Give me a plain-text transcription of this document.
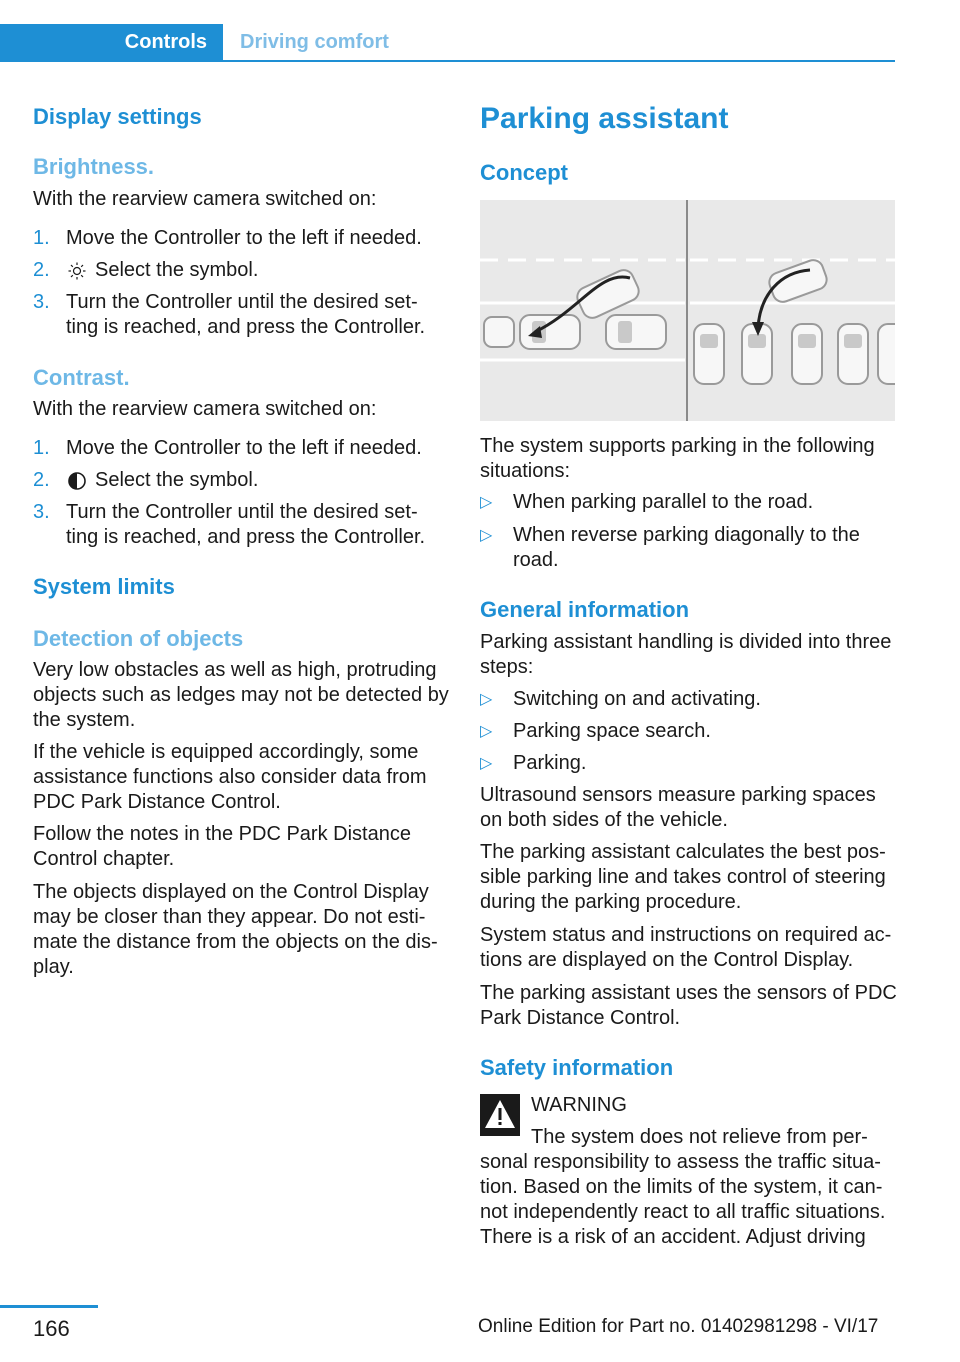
Controls	Driving comfort
Display settings
Brightness.
With the rearview camera switched on:
1. Move the Controller to the left if needed.
2. Select the symbol.
3. Turn the Controller until the desired set‐
ting is reached, and press the Controller.
Contrast.
With the rearview camera switched on:
1. Move the Controller to the left if needed.
2. Select the symbol.
3. Turn the Controller until the desired set‐
ting is reached, and press the Controller.
System limits
Detection of objects
Very low obstacles as well as high, protruding
objects such as ledges may not be detected by
the system.
If the vehicle is equipped accordingly, some
assistance functions also consider data from
PDC Park Distance Control.
Follow the notes in the PDC Park Distance
Control chapter.
The objects displayed on the Control Display
may be closer than they appear. Do not esti‐
mate the distance from the objects on the dis‐
play.
Parking assistant
Concept
The system supports parking in the following
situations:
▷ When parking parallel to the road.
▷ When reverse parking diagonally to the
road.
General information
Parking assistant handling is divided into three
steps:
▷ Switching on and activating.
▷ Parking space search.
▷ Parking.
Ultrasound sensors measure parking spaces
on both sides of the vehicle.
The parking assistant calculates the best pos‐
sible parking line and takes control of steering
during the parking procedure.
System status and instructions on required ac‐
tions are displayed on the Control Display.
The parking assistant uses the sensors of PDC
Park Distance Control.
Safety information
WARNING
The system does not relieve from per‐
sonal responsibility to assess the traffic situa‐
tion. Based on the limits of the system, it can‐
not independently react to all traffic situations.
There is a risk of an accident. Adjust driving
166	Online Edition for Part no. 01402981298 - VI/17
